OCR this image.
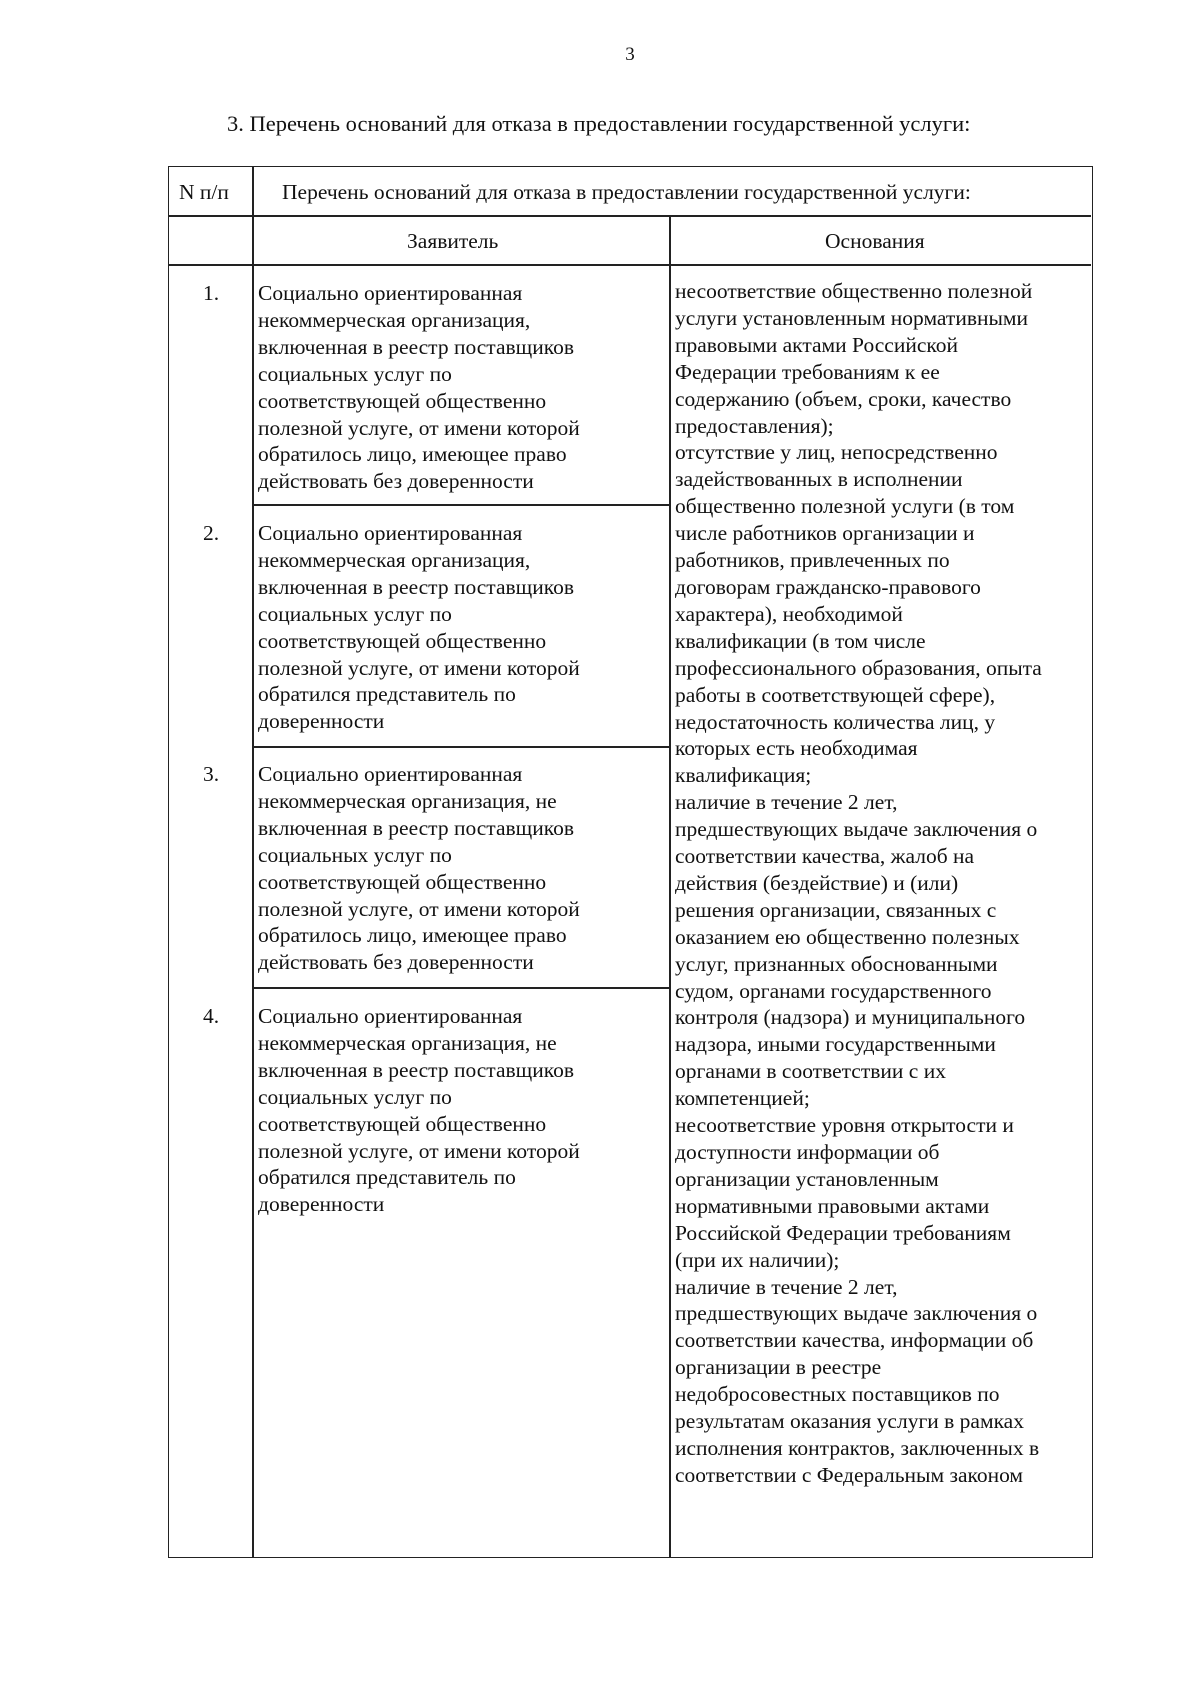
3
3. Перечень оснований для отказа в предоставлении государственной услуги:
N п/п Перечень оснований для отказа в предоставлении государственной услуги:
Заявитель	Основания
1.
2.
3.
4.
Социально ориентированная
некоммерческая организация,
включенная в реестр поставщиков
социальных услуг по
соответствующей общественно
полезной услуге, от имени которой
обратилось лицо, имеющее право
действовать без доверенности
Социально ориентированная
некоммерческая организация,
включенная в реестр поставщиков
социальных услуг по
соответствующей общественно
полезной услуге, от имени которой
обратился представитель по
доверенности
Социально ориентированная
некоммерческая организация, не
включенная в реестр поставщиков
социальных услуг по
соответствующей общественно
полезной услуге, от имени которой
обратилось лицо, имеющее право
действовать без доверенности
Социально ориентированная
некоммерческая организация, не
включенная в реестр поставщиков
социальных услуг по
соответствующей общественно
полезной услуге, от имени которой
обратился представитель по
доверенности
несоответствие общественно полезной
услуги установленным нормативными
правовыми актами Российской
Федерации требованиям к ее
содержанию (объем, сроки, качество
предоставления);
отсутствие у лиц, непосредственно
задействованных в исполнении
общественно полезной услуги (в том
числе работников организации и
работников, привлеченных по
договорам гражданско-правового
характера), необходимой
квалификации (в том числе
профессионального образования, опыта
работы в соответствующей сфере),
недостаточность количества лиц, у
которых есть необходимая
квалификация;
наличие в течение 2 лет,
предшествующих выдаче заключения о
соответствии качества, жалоб на
действия (бездействие) и (или)
решения организации, связанных с
оказанием ею общественно полезных
услуг, признанных обоснованными
судом, органами государственного
контроля (надзора) и муниципального
надзора, иными государственными
органами в соответствии с их
компетенцией;
несоответствие уровня открытости и
доступности информации об
организации установленным
нормативными правовыми актами
Российской Федерации требованиям
(при их наличии);
наличие в течение 2 лет,
предшествующих выдаче заключения о
соответствии качества, информации об
организации в реестре
недобросовестных поставщиков по
результатам оказания услуги в рамках
исполнения контрактов, заключенных в
соответствии с Федеральным законом
